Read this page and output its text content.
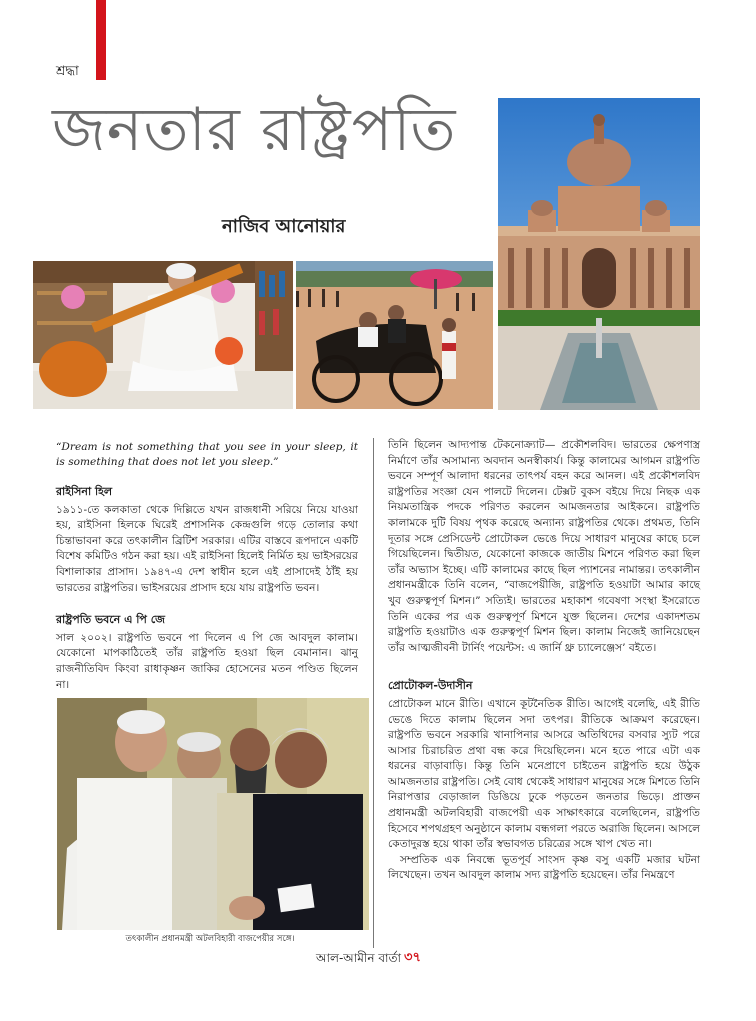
শ্রদ্ধা
জনতার রাষ্ট্রপতি
নাজিব আনোয়ার

“Dream is not something that you see in your sleep, it is something that does not let you sleep.”

রাইসিনা হিল

১৯১১-তে কলকাতা থেকে দিল্লিতে যখন রাজধানী সরিয়ে নিয়ে যাওয়া হয়, রাইসিনা হিলকে ঘিরেই প্রশাসনিক কেন্দ্রগুলি গড়ে তোলার কথা চিন্তাভাবনা করে তৎকালীন ব্রিটিশ সরকার। এটির বাস্তবে রূপদানে একটি বিশেষ কমিটিও গঠন করা হয়। এই রাইসিনা হিলেই নির্মিত হয় ভাইসরয়ের বিশালাকার প্রাসাদ। ১৯৪৭-এ দেশ স্বাধীন হলে এই প্রাসাদেই ঠাঁই হয় ভারতের রাষ্ট্রপতির। ভাইসরয়ের প্রাসাদ হয়ে যায় রাষ্ট্রপতি ভবন।

রাষ্ট্রপতি ভবনে এ পি জে

সাল ২০০২। রাষ্ট্রপতি ভবনে পা দিলেন এ পি জে আবদুল কালাম। যেকোনো মাপকাঠিতেই তাঁর রাষ্ট্রপতি হওয়া ছিল বেমানান। ঝানু রাজনীতিবিদ কিংবা রাধাকৃষ্ণন জাকির হোসেনের মতন পণ্ডিত ছিলেন না।

তৎকালীন প্রধানমন্ত্রী অটলবিহারী বাজপেয়ীর সঙ্গে।

তিনি ছিলেন আদ্যপান্ত টেকনোক্র্যাট— প্রকৌশলবিদ। ভারতের ক্ষেপণাস্ত্র নির্মাণে তাঁর অসামান্য অবদান অনস্বীকার্য। কিন্তু কালামের আগমন রাষ্ট্রপতি ভবনে সম্পূর্ণ আলাদা ধরনের তাৎপর্য বহন করে আনল। এই প্রকৌশলবিদ রাষ্ট্রপতির সংজ্ঞা যেন পালটে দিলেন। টেক্সট বুকস বইয়ে দিয়ে নিছক এক নিয়মতান্ত্রিক পদকে পরিণত করলেন আমজনতার আইকনে। রাষ্ট্রপতি কালামকে দুটি বিষয় পৃথক করেছে অন্যান্য রাষ্ট্রপতির থেকে। প্রথমত, তিনি দূতার সঙ্গে প্রেসিডেন্ট প্রোটোকল ভেঙে দিয়ে সাধারণ মানুষের কাছে চলে গিয়েছিলেন। দ্বিতীয়ত, যেকোনো কাজকে জাতীয় মিশনে পরিণত করা ছিল তাঁর অভ্যাস ইচ্ছে। এটি কালামের কাছে ছিল প্যাশনের নামান্তর। তৎকালীন প্রধানমন্ত্রীকে তিনি বলেন, “বাজপেয়ীজি, রাষ্ট্রপতি হওয়াটা আমার কাছে খুব গুরুত্বপূর্ণ মিশন।” সত্যিই। ভারতের মহাকাশ গবেষণা সংস্থা ইসরোতে তিনি একের পর এক গুরুত্বপূর্ণ মিশনে যুক্ত ছিলেন। দেশের একাদশতম রাষ্ট্রপতি হওয়াটাও এক গুরুত্বপূর্ণ মিশন ছিল। কালাম নিজেই জানিয়েছেন তাঁর আত্মজীবনী টার্নিং পয়েন্টস: এ জার্নি থ্রু চ্যালেঞ্জেস’ বইতে।

প্রোটোকল-উদাসীন

প্রোটোকল মানে রীতি। এখানে কূটনৈতিক রীতি। আগেই বলেছি, এই রীতি ভেঙে দিতে কালাম ছিলেন সদা তৎপর। রীতিকে আক্রমণ করেছেন। রাষ্ট্রপতি ভবনে সরকারি খানাপিনার আসরে অতিথিদের বসবার স্যুট পরে আসার চিরাচরিত প্রথা বন্ধ করে দিয়েছিলেন। মনে হতে পারে এটা এক ধরনের বাড়াবাড়ি। কিন্তু তিনি মনেপ্রাণে চাইতেন রাষ্ট্রপতি হয়ে উঠুক আমজনতার রাষ্ট্রপতি। সেই বোধ থেকেই সাধারণ মানুষের সঙ্গে মিশতে তিনি নিরাপত্তার বেড়াজাল ডিঙিয়ে ঢুকে পড়তেন জনতার ভিড়ে। প্রাক্তন প্রধানমন্ত্রী অটলবিহারী বাজপেয়ী এক সাক্ষাৎকারে বলেছিলেন, রাষ্ট্রপতি হিসেবে শপথগ্রহণ অনুষ্ঠানে কালাম বন্ধগলা পরতে অরাজি ছিলেন। আসলে কেতাদুরস্ত হয়ে থাকা তাঁর স্বভাবগত চরিত্রের সঙ্গে খাপ খেত না।

সম্প্রতিক এক নিবন্ধে ভূতপূর্ব সাংসদ কৃষ্ণ বসু একটি মজার ঘটনা লিখেছেন। তখন আবদুল কালাম সদ্য রাষ্ট্রপতি হয়েছেন। তাঁর নিমন্ত্রণে

আল-আমীন বার্তা ৩৭
